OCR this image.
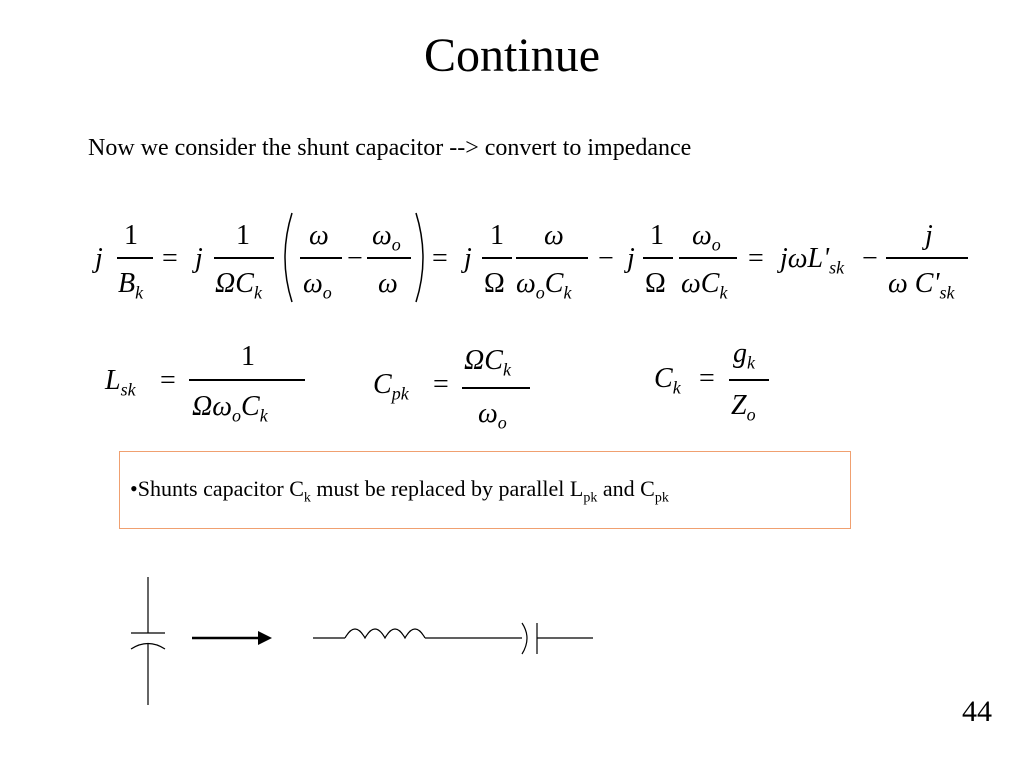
Continue
Now we consider the shunt capacitor --> convert to impedance
j
1
$B_k$
= j
1
$\Omega C_k$
ω
$\omega_o$
−
$\omega_o$
ω
= j
1
Ω
ω
$\omega_oC_k$
− j
1
Ω
$\omega_o$
$\omega C_k$
= $j\omega L'_{sk}$ −
j
ω $C'_{sk}$
$L_{sk}$ =
1
$\Omega\omega_oC_k$
$C_{pk}$ =
$\Omega C_k$
$\omega_o$
$C_k$ =
$g_k$
$Z_o$
•Shunts capacitor $C_k$ must be replaced by parallel $L_{pk}$ and $C_{pk}$
44
